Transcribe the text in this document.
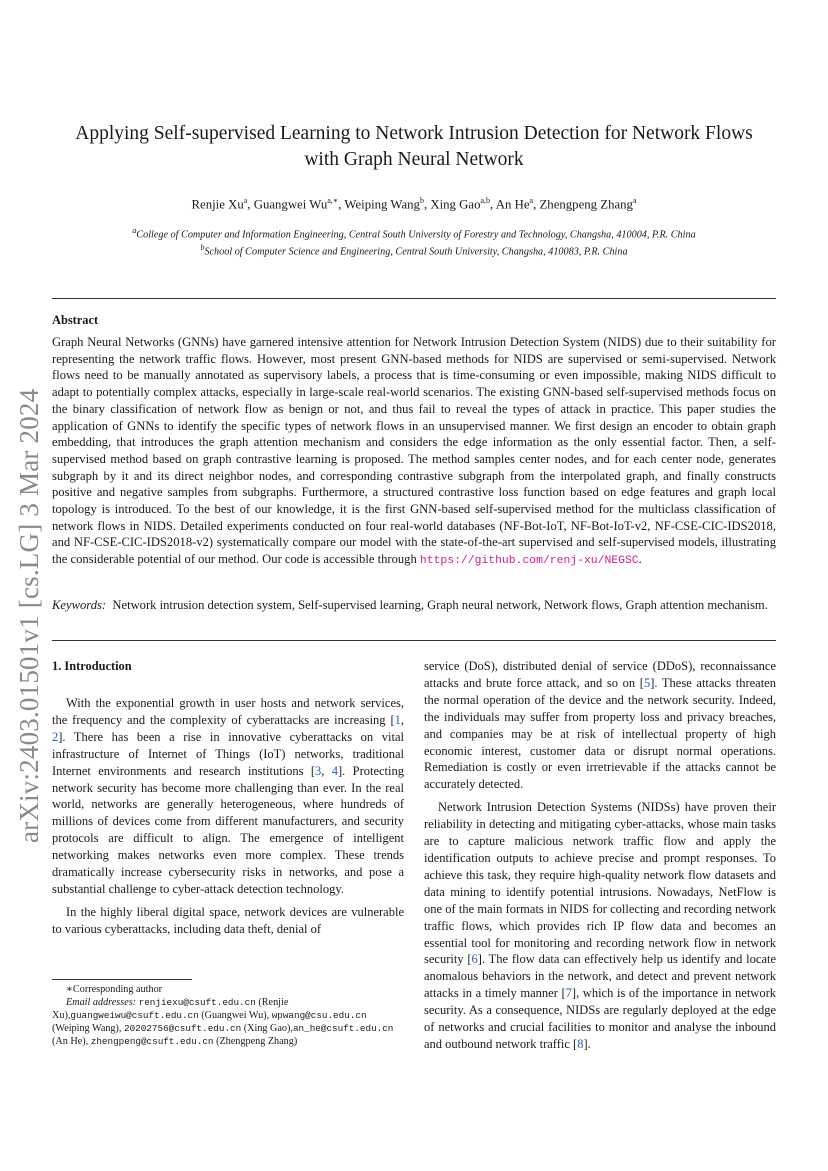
arXiv:2403.01501v1 [cs.LG] 3 Mar 2024
Applying Self-supervised Learning to Network Intrusion Detection for Network Flows
with Graph Neural Network
Renjie Xu$^a$, Guangwei $Wu^{a,∗}$, Weiping Wang$^b$, Xing Gao$^{a,b}$, An He$^a$, Zhengpeng Zhang$^a$
$^a$College of Computer and Information Engineering, Central South University of Forestry and Technology, Changsha, 410004, P.R. China
$^b$School of Computer Science and Engineering, Central South University, Changsha, 410083, P.R. China
Abstract

Graph Neural Networks (GNNs) have garnered intensive attention for Network Intrusion Detection System (NIDS) due to their suitability for representing the network traffic flows. However, most present GNN-based methods for NIDS are supervised or semi-supervised. Network flows need to be manually annotated as supervisory labels, a process that is time-consuming or even impossible, making NIDS difficult to adapt to potentially complex attacks, especially in large-scale real-world scenarios. The existing GNN-based self-supervised methods focus on the binary classification of network flow as benign or not, and thus fail to reveal the types of attack in practice. This paper studies the application of GNNs to identify the specific types of network flows in an unsupervised manner. We first design an encoder to obtain graph embedding, that introduces the graph attention mechanism and considers the edge information as the only essential factor. Then, a self-supervised method based on graph contrastive learning is proposed. The method samples center nodes, and for each center node, generates subgraph by it and its direct neighbor nodes, and corresponding contrastive subgraph from the interpolated graph, and finally constructs positive and negative samples from subgraphs. Furthermore, a structured contrastive loss function based on edge features and graph local topology is introduced. To the best of our knowledge, it is the first GNN-based self-supervised method for the multiclass classification of network flows in NIDS. Detailed experiments conducted on four real-world databases (NF-Bot-IoT, NF-Bot-IoT-v2, NF-CSE-CIC-IDS2018, and NF-CSE-CIC-IDS2018-v2) systematically compare our model with the state-of-the-art supervised and self-supervised models, illustrating the considerable potential of our method. Our code is accessible through https://github.com/renj-xu/NEGSC.

Keywords: Network intrusion detection system, Self-supervised learning, Graph neural network, Network flows, Graph attention mechanism.

1. Introduction

With the exponential growth in user hosts and network services, the frequency and the complexity of cyberattacks are increasing [1, 2]. There has been a rise in innovative cyberattacks on vital infrastructure of Internet of Things (IoT) networks, traditional Internet environments and research institutions [3, 4]. Protecting network security has become more challenging than ever. In the real world, networks are generally heterogeneous, where hundreds of millions of devices come from different manufacturers, and security protocols are difficult to align. The emergence of intelligent networking makes networks even more complex. These trends dramatically increase cybersecurity risks in networks, and pose a substantial challenge to cyber-attack detection technology.

In the highly liberal digital space, network devices are vulnerable to various cyberattacks, including data theft, denial of

service (DoS), distributed denial of service (DDoS), reconnaissance attacks and brute force attack, and so on [5]. These attacks threaten the normal operation of the device and the network security. Indeed, the individuals may suffer from property loss and privacy breaches, and companies may be at risk of intellectual property of high economic interest, customer data or disrupt normal operations. Remediation is costly or even irretrievable if the attacks cannot be accurately detected.

Network Intrusion Detection Systems (NIDSs) have proven their reliability in detecting and mitigating cyber-attacks, whose main tasks are to capture malicious network traffic flow and apply the identification outputs to achieve precise and prompt responses. To achieve this task, they require high-quality network flow datasets and data mining to identify potential intrusions. Nowadays, NetFlow is one of the main formats in NIDS for collecting and recording network traffic flows, which provides rich IP flow data and becomes an essential tool for monitoring and recording network flow in network security [6]. The flow data can effectively help us identify and locate anomalous behaviors in the network, and detect and prevent network attacks in a timely manner [7], which is of the importance in network security. As a consequence, NIDSs are regularly deployed at the edge of networks and crucial facilities to monitor and analyse the inbound and outbound network traffic [8].

∗Corresponding author
Email addresses: renjiexu@csuft.edu.cn (Renjie Xu),guangweiwu@csuft.edu.cn (Guangwei Wu), wpwang@csu.edu.cn (Weiping Wang), 20202756@csuft.edu.cn (Xing Gao),an_he@csuft.edu.cn (An He), zhengpeng@csuft.edu.cn (Zhengpeng Zhang)
